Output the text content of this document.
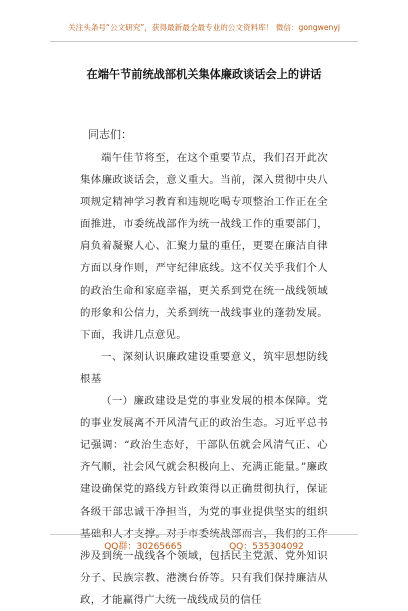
关注头条号“公文研究”，获得最新最全最专业的公文资料库！ 微信：gongwenyj
在端午节前统战部机关集体廉政谈话会上的讲话
同志们：

端午佳节将至，在这个重要节点，我们召开此次集体廉政谈话会，意义重大。当前，深入贯彻中央八项规定精神学习教育和违规吃喝专项整治工作正在全面推进，市委统战部作为统一战线工作的重要部门，肩负着凝聚人心、汇聚力量的重任，更要在廉洁自律方面以身作则，严守纪律底线。这不仅关乎我们个人的政治生命和家庭幸福，更关系到党在统一战线领域的形象和公信力，关系到统一战线事业的蓬勃发展。下面，我讲几点意见。

一、深刻认识廉政建设重要意义，筑牢思想防线根基

（一）廉政建设是党的事业发展的根本保障。党的事业发展离不开风清气正的政治生态。习近平总书记强调：“政治生态好，干部队伍就会风清气正、心齐气顺，社会风气就会积极向上、充满正能量。”廉政建设确保党的路线方针政策得以正确贯彻执行，保证各级干部忠诚干净担当，为党的事业提供坚实的组织基础和人才支撑。对于市委统战部而言，我们的工作涉及到统一战线各个领域，包括民主党派、党外知识分子、民族宗教、港澳台侨等。只有我们保持廉洁从政，才能赢得广大统一战线成员的信任

QQ群：30265665	QQ：535304092
